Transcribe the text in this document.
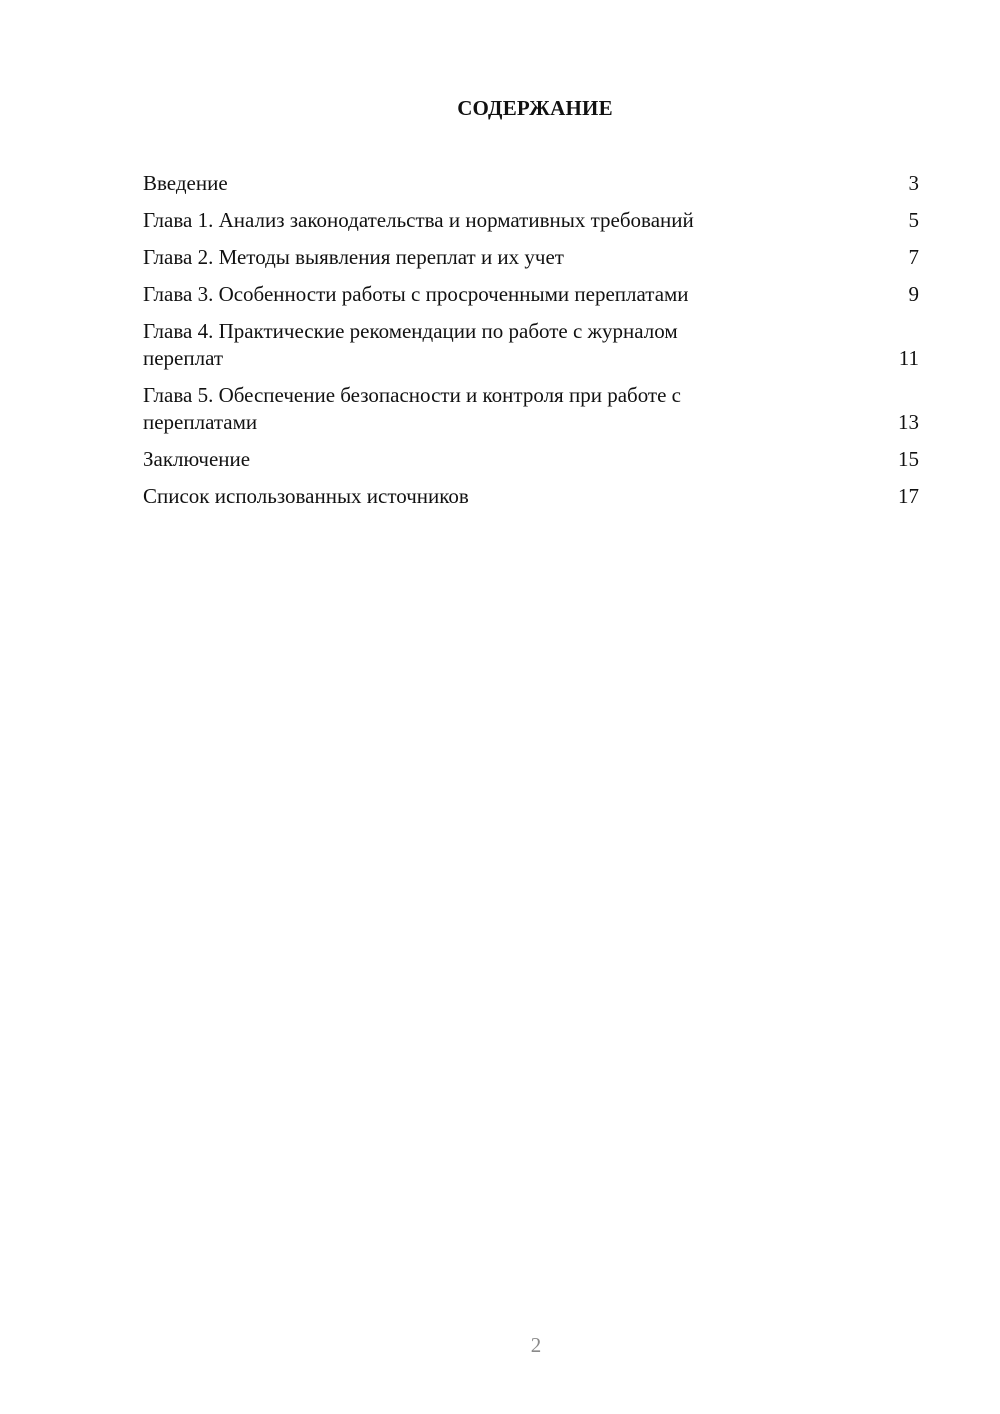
СОДЕРЖАНИЕ
Введение	3
Глава 1. Анализ законодательства и нормативных требований	5
Глава 2. Методы выявления переплат и их учет	7
Глава 3. Особенности работы с просроченными переплатами	9
Глава 4. Практические рекомендации по работе с журналом
переплат	11
Глава 5. Обеспечение безопасности и контроля при работе с
переплатами	13
Заключение	15
Список использованных источников	17
2
